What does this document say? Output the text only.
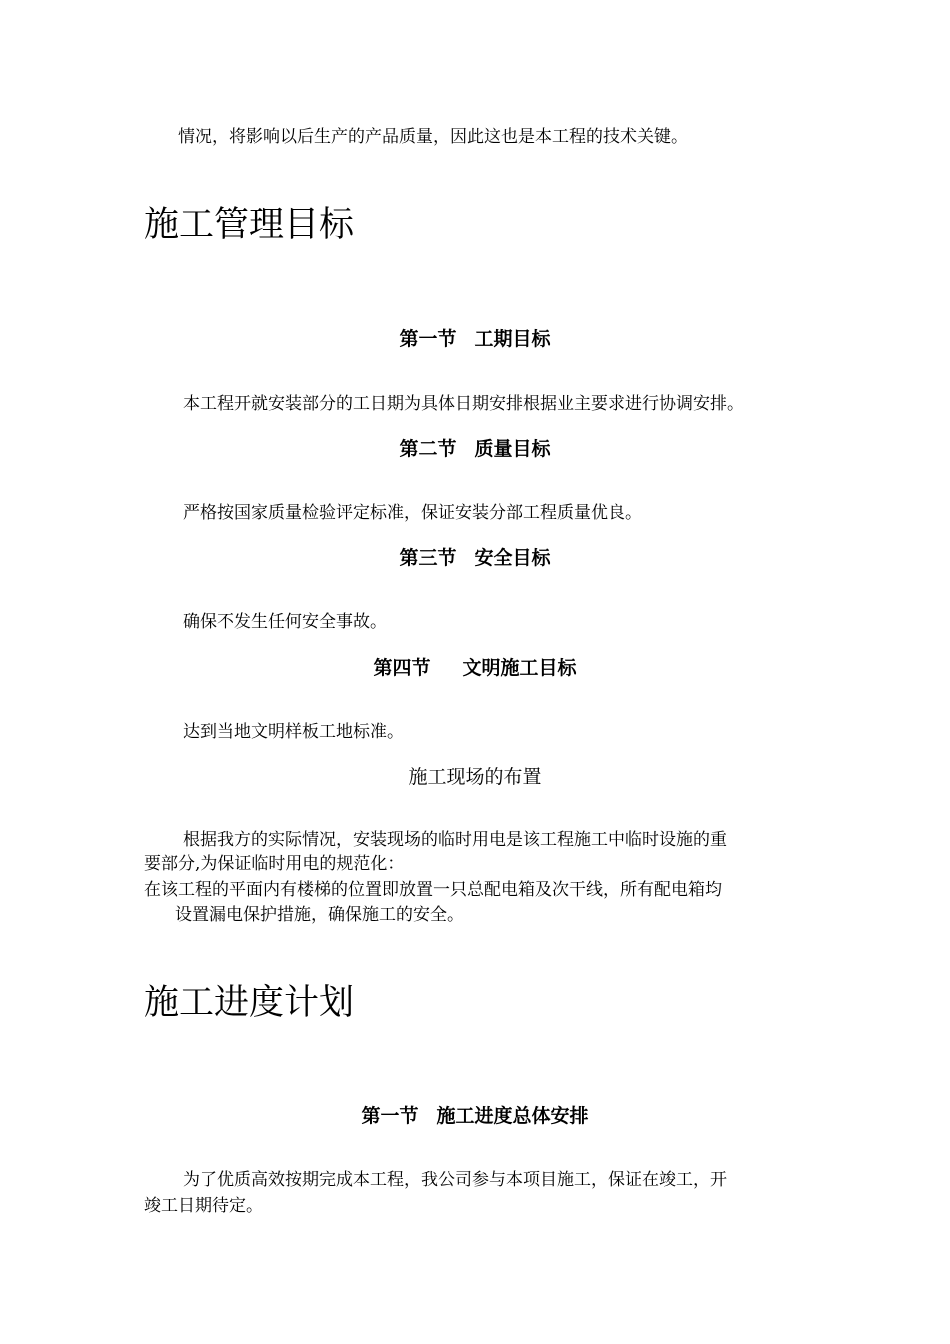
情况，将影响以后生产的产品质量，因此这也是本工程的技术关键。
施工管理目标
第一节 工期目标
本工程开就安装部分的工日期为具体日期安排根据业主要求进行协调安排。
第二节 质量目标
严格按国家质量检验评定标准，保证安装分部工程质量优良。
第三节 安全目标
确保不发生任何安全事故。
第四节 文明施工目标
达到当地文明样板工地标准。
施工现场的布置
根据我方的实际情况，安装现场的临时用电是该工程施工中临时设施的重
要部分,为保证临时用电的规范化：
在该工程的平面内有楼梯的位置即放置一只总配电箱及次干线，所有配电箱均
设置漏电保护措施，确保施工的安全。
施工进度计划
第一节 施工进度总体安排
为了优质高效按期完成本工程，我公司参与本项目施工，保证在竣工，开
竣工日期待定。
